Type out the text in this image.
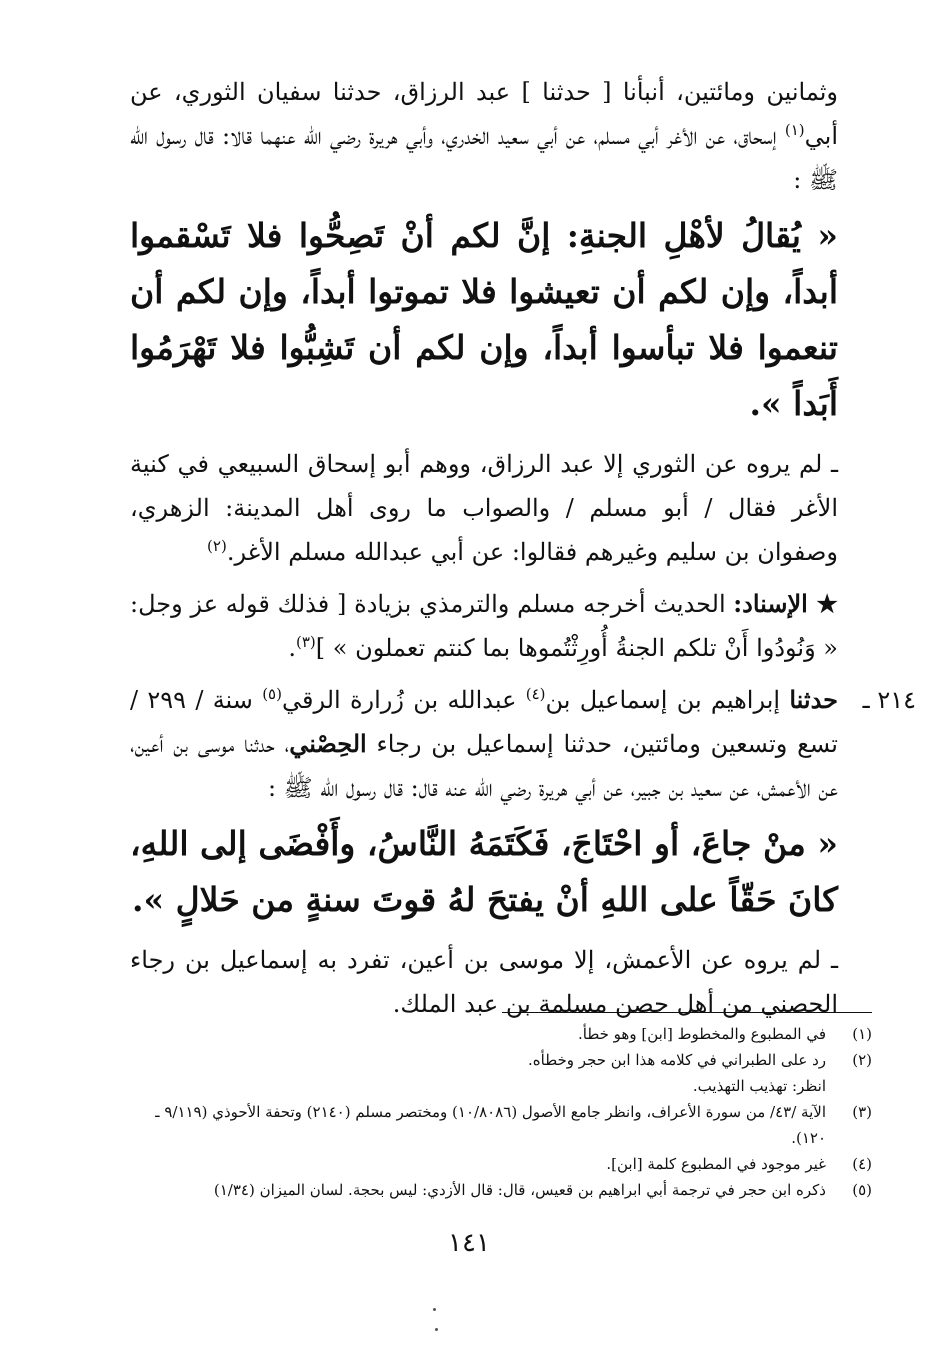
وثمانين ومائتين، أنبأنا [ حدثنا ] عبد الرزاق، حدثنا سفيان الثوري، عن أبي$^{(١)}$ إسحاق، عن الأغر أبي مسلم، عن أبي سعيد الخدري، وأبي هريرة رضي الله عنهما قالا: قال رسول الله ﷺ :

« يُقالُ لأهْلِ الجنةِ: إنَّ لكم أنْ تَصِحُّوا فلا تَسْقموا أبداً، وإن لكم أن تعيشوا فلا تموتوا أبداً، وإن لكم أن تنعموا فلا تبأسوا أبداً، وإن لكم أن تَشِبُّوا فلا تَهْرَمُوا أَبَداً ».

ـ لم يروه عن الثوري إلا عبد الرزاق، ووهم أبو إسحاق السبيعي في كنية الأغر فقال / أبو مسلم / والصواب ما روى أهل المدينة: الزهري، وصفوان بن سليم وغيرهم فقالوا: عن أبي عبدالله مسلم الأغر.$^{(٢)}$

★ الإسناد: الحديث أخرجه مسلم والترمذي بزيادة [ فذلك قوله عز وجل: « وَنُودُوا أَنْ تلكم الجنةُ أُورِثْتُموها بما كنتم تعملون » ]$^{(٣)}$.

٢١٤ ـ

حدثنا إبراهيم بن إسماعيل بن$^{(٤)}$ عبدالله بن زُرارة الرقي$^{(٥)}$ سنة / ٢٩٩ / تسع وتسعين ومائتين، حدثنا إسماعيل بن رجاء الحِصْني، حدثنا موسى بن أعين، عن الأعمش، عن سعيد بن جبير، عن أبي هريرة رضي الله عنه قال: قال رسول الله ﷺ :

« منْ جاعَ، أو احْتَاجَ، فَكَتَمَهُ النَّاسُ، وأَفْضَى إلى اللهِ، كانَ حَقّاً على اللهِ أنْ يفتحَ لهُ قوتَ سنةٍ من حَلالٍ ».

ـ لم يروه عن الأعمش، إلا موسى بن أعين، تفرد به إسماعيل بن رجاء الحصني من أهل حصن مسلمة بن عبد الملك.

(١)
في المطبوع والمخطوط [ابن] وهو خطأ.
(٢)
رد على الطبراني في كلامه هذا ابن حجر وخطأه.
انظر: تهذيب التهذيب.
(٣)
الآية /٤٣/ من سورة الأعراف، وانظر جامع الأصول (١٠/٨٠٨٦) ومختصر مسلم (٢١٤٠) وتحفة الأحوذي (٩/١١٩ ـ ١٢٠).
(٤)
غير موجود في المطبوع كلمة [ابن].
(٥)
ذكره ابن حجر في ترجمة أبي ابراهيم بن قعيس، قال: قال الأزدي: ليس بحجة. لسان الميزان (١/٣٤)
١٤١
